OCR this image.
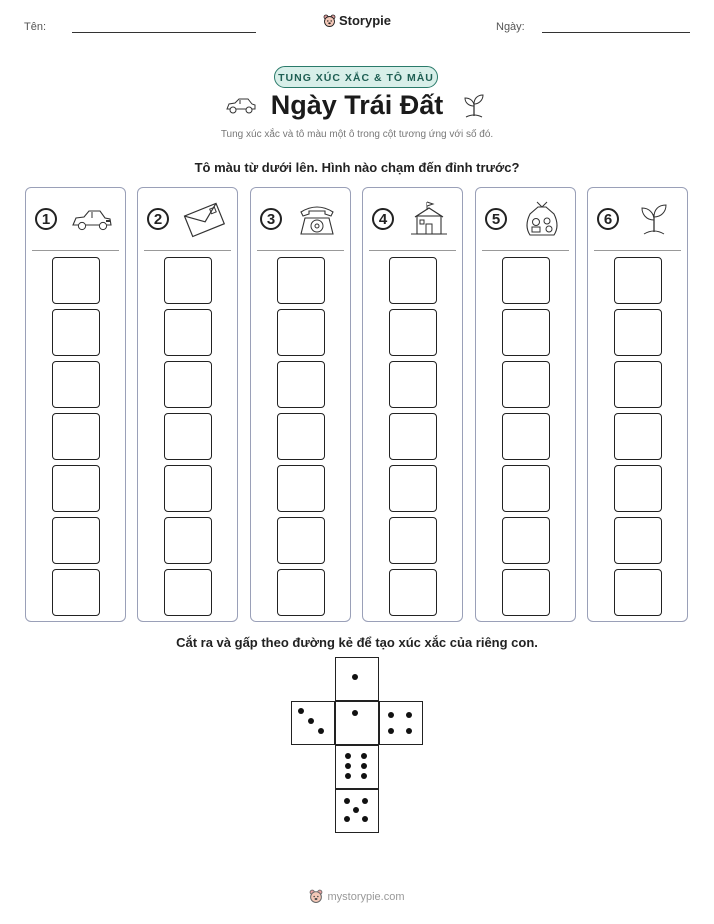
Tên:	Storypie	Ngày:
TUNG XÚC XẮC & TÔ MÀU
Ngày Trái Đất
Tung xúc xắc và tô màu một ô trong cột tương ứng với số đó.
Tô màu từ dưới lên. Hình nào chạm đến đỉnh trước?
1	2	3	4	5	6
Cắt ra và gấp theo đường kẻ để tạo xúc xắc của riêng con.
mystorypie.com
